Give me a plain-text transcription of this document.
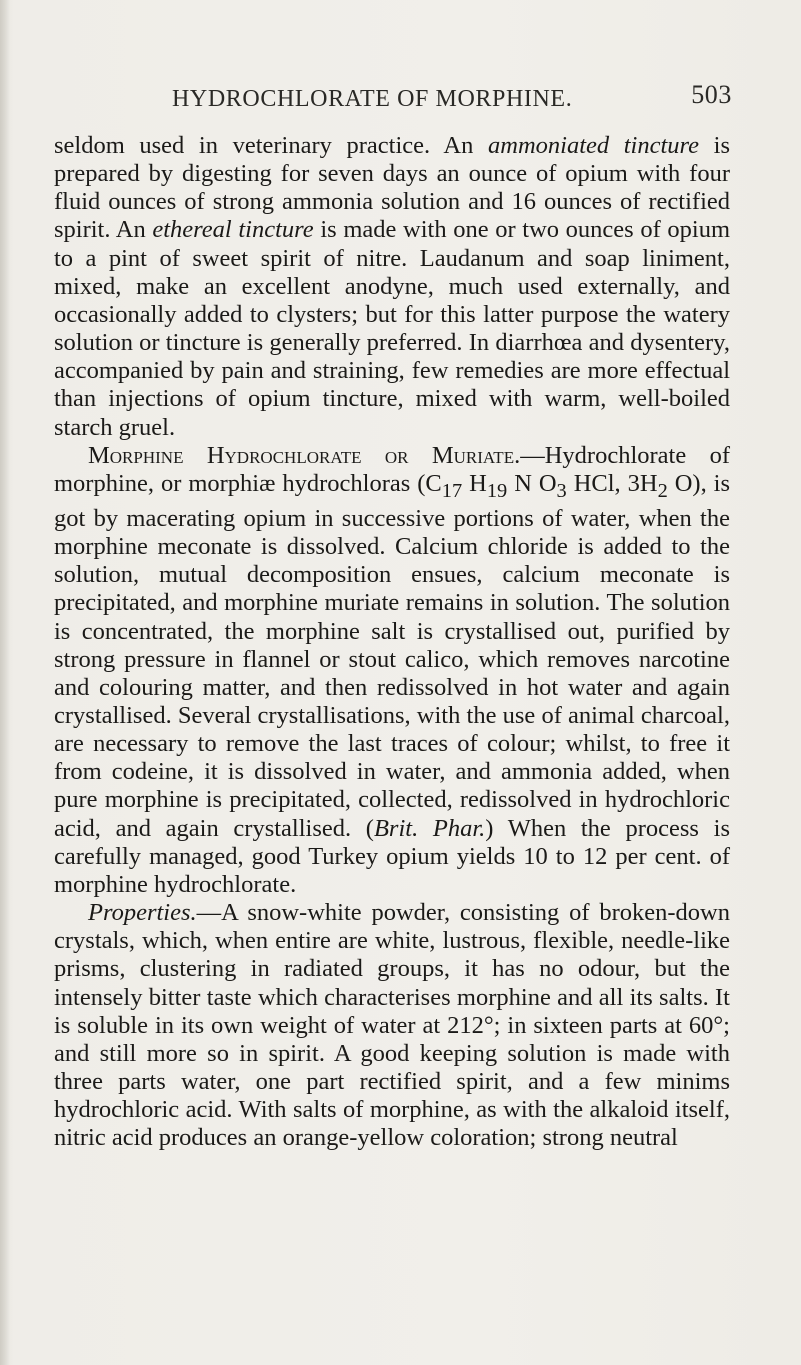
HYDROCHLORATE OF MORPHINE.	503

seldom used in veterinary practice. An ammoniated tincture is prepared by digesting for seven days an ounce of opium with four fluid ounces of strong ammonia solution and 16 ounces of rectified spirit. An ethereal tincture is made with one or two ounces of opium to a pint of sweet spirit of nitre. Laudanum and soap liniment, mixed, make an excellent anodyne, much used externally, and occasionally added to clysters; but for this latter purpose the watery solution or tincture is generally preferred. In diarrhœa and dysentery, accompanied by pain and straining, few remedies are more effectual than injections of opium tincture, mixed with warm, well-boiled starch gruel.

Morphine Hydrochlorate or Muriate.—Hydrochlorate of morphine, or morphiæ hydrochloras ($C_{17}$ $H_{19}$ N $O_3$ HCl, $3H_2$ O), is got by macerating opium in successive portions of water, when the morphine meconate is dissolved. Calcium chloride is added to the solution, mutual decomposition ensues, calcium meconate is precipitated, and morphine muriate remains in solution. The solution is concentrated, the morphine salt is crystallised out, purified by strong pressure in flannel or stout calico, which removes narcotine and colouring matter, and then redissolved in hot water and again crystallised. Several crystallisations, with the use of animal charcoal, are necessary to remove the last traces of colour; whilst, to free it from codeine, it is dissolved in water, and ammonia added, when pure morphine is precipitated, collected, redissolved in hydrochloric acid, and again crystallised. (Brit. Phar.) When the process is carefully managed, good Turkey opium yields 10 to 12 per cent. of morphine hydrochlorate.

Properties.—A snow-white powder, consisting of broken-down crystals, which, when entire are white, lustrous, flexible, needle-like prisms, clustering in radiated groups, it has no odour, but the intensely bitter taste which characterises morphine and all its salts. It is soluble in its own weight of water at 212°; in sixteen parts at 60°; and still more so in spirit. A good keeping solution is made with three parts water, one part rectified spirit, and a few minims hydrochloric acid. With salts of morphine, as with the alkaloid itself, nitric acid produces an orange-yellow coloration; strong neutral
